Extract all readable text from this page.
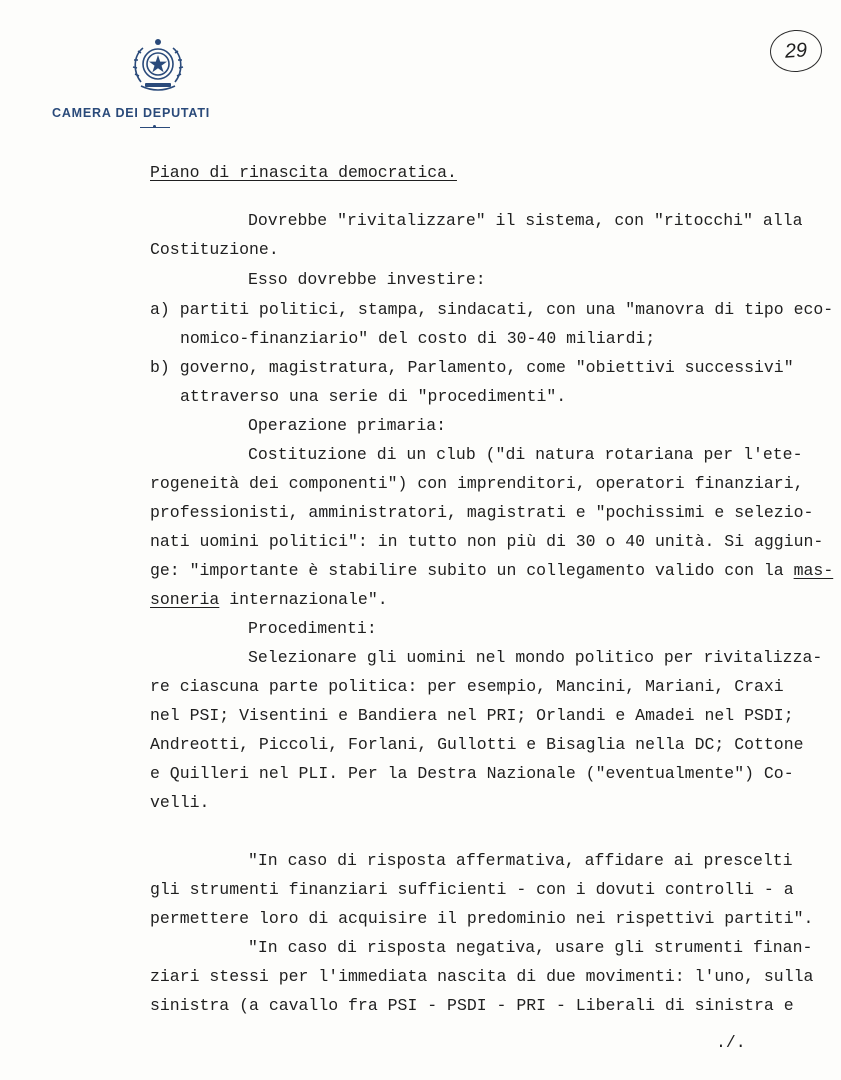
CAMERA DEI DEPUTATI
29
Piano di rinascita democratica.
Dovrebbe "rivitalizzare" il sistema, con "ritocchi" alla
Costituzione.
Esso dovrebbe investire:
a) partiti politici, stampa, sindacati, con una "manovra di tipo eco-
nomico-finanziario" del costo di 30-40 miliardi;
b) governo, magistratura, Parlamento, come "obiettivi successivi"
attraverso una serie di "procedimenti".
Operazione primaria:
Costituzione di un club ("di natura rotariana per l'ete-
rogeneità dei componenti") con imprenditori, operatori finanziari,
professionisti, amministratori, magistrati e "pochissimi e selezio-
nati uomini politici": in tutto non più di 30 o 40 unità. Si aggiun-
ge: "importante è stabilire subito un collegamento valido con la mas-
soneria internazionale".
Procedimenti:
Selezionare gli uomini nel mondo politico per rivitalizza-
re ciascuna parte politica: per esempio, Mancini, Mariani, Craxi
nel PSI; Visentini e Bandiera nel PRI; Orlandi e Amadei nel PSDI;
Andreotti, Piccoli, Forlani, Gullotti e Bisaglia nella DC; Cottone
e Quilleri nel PLI. Per la Destra Nazionale ("eventualmente") Co-
velli.
"In caso di risposta affermativa, affidare ai prescelti
gli strumenti finanziari sufficienti - con i dovuti controlli - a
permettere loro di acquisire il predominio nei rispettivi partiti".
"In caso di risposta negativa, usare gli strumenti finan-
ziari stessi per l'immediata nascita di due movimenti: l'uno, sulla
sinistra (a cavallo fra PSI - PSDI - PRI - Liberali di sinistra e
./.
